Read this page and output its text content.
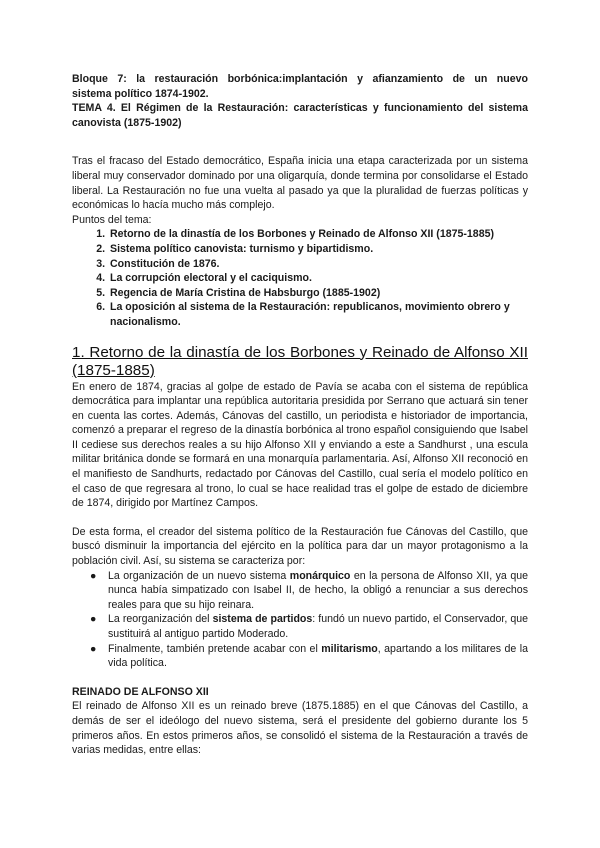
Bloque 7: la restauración borbónica:implantación y afianzamiento de un nuevo
sistema político 1874-1902.
TEMA 4. El Régimen de la Restauración: características y funcionamiento del sistema
canovista (1875-1902)

Tras el fracaso del Estado democrático, España inicia una etapa caracterizada por un sistema liberal muy conservador dominado por una oligarquía, donde termina por consolidarse el Estado liberal. La Restauración no fue una vuelta al pasado ya que la pluralidad de fuerzas políticas y económicas lo hacía mucho más complejo.

Puntos del tema:

1. Retorno de la dinastía de los Borbones y Reinado de Alfonso XII (1875-1885)
2. Sistema político canovista: turnismo y bipartidismo.
3. Constitución de 1876.
4. La corrupción electoral y el caciquismo.
5. Regencia de María Cristina de Habsburgo (1885-1902)
6. La oposición al sistema de la Restauración: republicanos, movimiento obrero y nacionalismo.
1. Retorno de la dinastía de los Borbones y Reinado de Alfonso XII (1875-1885)

En enero de 1874, gracias al golpe de estado de Pavía se acaba con el sistema de república democrática para implantar una república autoritaria presidida por Serrano que actuará sin tener en cuenta las cortes. Además, Cánovas del castillo, un periodista e historiador de importancia, comenzó a preparar el regreso de la dinastía borbónica al trono español consiguiendo que Isabel II cediese sus derechos reales a su hijo Alfonso XII y enviando a este a Sandhurst , una escula militar británica donde se formará en una monarquía parlamentaria. Así, Alfonso XII reconoció en el manifiesto de Sandhurts, redactado por Cánovas del Castillo, cual sería el modelo político en el caso de que regresara al trono, lo cual se hace realidad tras el golpe de estado de diciembre de 1874, dirigido por Martínez Campos.

De esta forma, el creador del sistema político de la Restauración fue Cánovas del Castillo, que buscó disminuir la importancia del ejército en la política para dar un mayor protagonismo a la población civil. Así, su sistema se caracteriza por:

● La organización de un nuevo sistema monárquico en la persona de Alfonso XII, ya que nunca había simpatizado con Isabel II, de hecho, la obligó a renunciar a sus derechos reales para que su hijo reinara.
● La reorganización del sistema de partidos: fundó un nuevo partido, el Conservador, que sustituirá al antiguo partido Moderado.
● Finalmente, también pretende acabar con el militarismo, apartando a los militares de la vida política.

REINADO DE ALFONSO XII

El reinado de Alfonso XII es un reinado breve (1875.1885) en el que Cánovas del Castillo, a demás de ser el ideólogo del nuevo sistema, será el presidente del gobierno durante los 5 primeros años. En estos primeros años, se consolidó el sistema de la Restauración a través de varias medidas, entre ellas:
